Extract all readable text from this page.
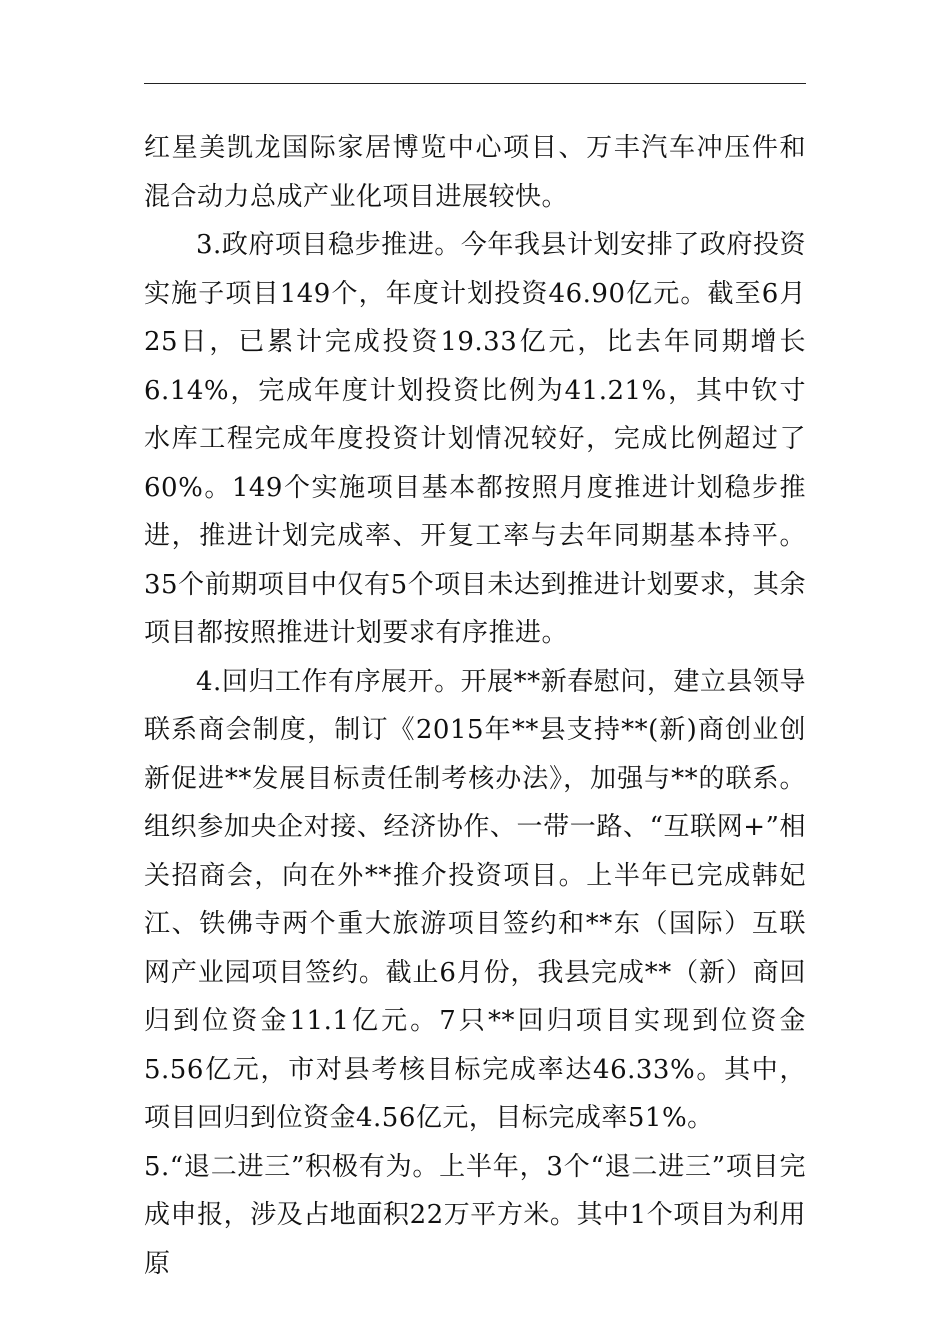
红星美凯龙国际家居博览中心项目、万丰汽车冲压件和混合动力总成产业化项目进展较快。

3.政府项目稳步推进。今年我县计划安排了政府投资实施子项目149个，年度计划投资46.90亿元。截至6月25日，已累计完成投资19.33亿元，比去年同期增长6.14%，完成年度计划投资比例为41.21%，其中钦寸水库工程完成年度投资计划情况较好，完成比例超过了60%。149个实施项目基本都按照月度推进计划稳步推进，推进计划完成率、开复工率与去年同期基本持平。35个前期项目中仅有5个项目未达到推进计划要求，其余项目都按照推进计划要求有序推进。

4.回归工作有序展开。开展**新春慰问，建立县领导联系商会制度，制订《2015年**县支持**(新)商创业创新促进**发展目标责任制考核办法》，加强与**的联系。组织参加央企对接、经济协作、一带一路、“互联网+”相关招商会，向在外**推介投资项目。上半年已完成韩妃江、铁佛寺两个重大旅游项目签约和**东（国际）互联网产业园项目签约。截止6月份，我县完成**（新）商回归到位资金11.1亿元。7只**回归项目实现到位资金5.56亿元，市对县考核目标完成率达46.33%。其中，项目回归到位资金4.56亿元，目标完成率51%。

5.“退二进三”积极有为。上半年，3个“退二进三”项目完成申报，涉及占地面积22万平方米。其中1个项目为利用原
